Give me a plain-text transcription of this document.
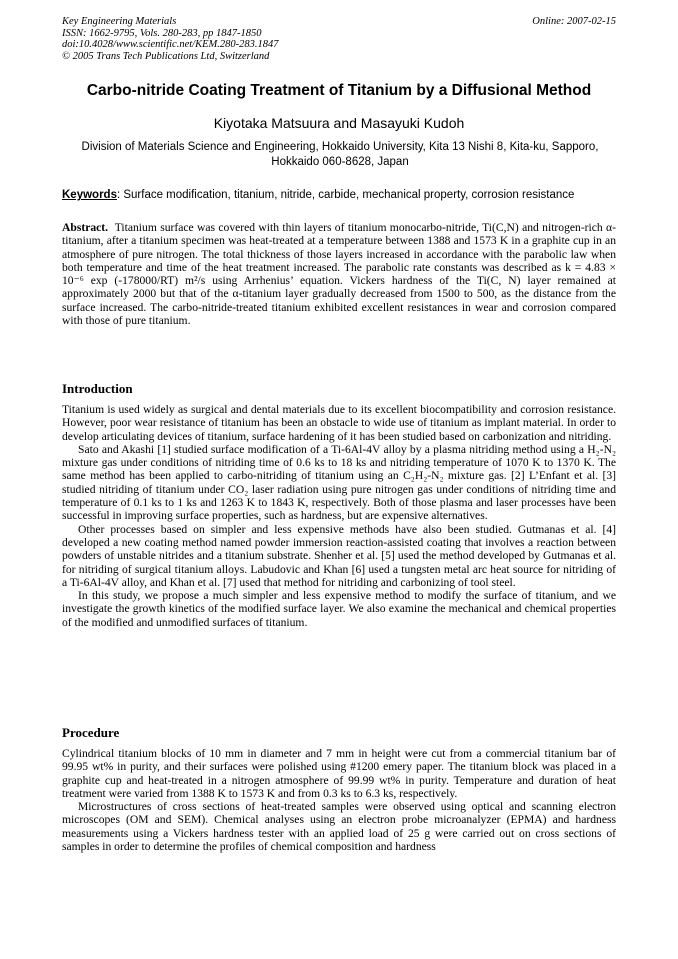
Key Engineering Materials
ISSN: 1662-9795, Vols. 280-283, pp 1847-1850
doi:10.4028/www.scientific.net/KEM.280-283.1847
© 2005 Trans Tech Publications Ltd, Switzerland
Online: 2007-02-15
Carbo-nitride Coating Treatment of Titanium by a Diffusional Method
Kiyotaka Matsuura and Masayuki Kudoh
Division of Materials Science and Engineering, Hokkaido University, Kita 13 Nishi 8, Kita-ku, Sapporo, Hokkaido 060-8628, Japan
Keywords: Surface modification, titanium, nitride, carbide, mechanical property, corrosion resistance

Abstract. Titanium surface was covered with thin layers of titanium monocarbo-nitride, Ti(C,N) and nitrogen-rich α-titanium, after a titanium specimen was heat-treated at a temperature between 1388 and 1573 K in a graphite cup in an atmosphere of pure nitrogen. The total thickness of those layers increased in accordance with the parabolic law when both temperature and time of the heat treatment increased. The parabolic rate constants was described as k = 4.83 × 10⁻⁶ exp (-178000/RT) m²/s using Arrhenius’ equation. Vickers hardness of the Ti(C, N) layer remained at approximately 2000 but that of the α-titanium layer gradually decreased from 1500 to 500, as the distance from the surface increased. The carbo-nitride-treated titanium exhibited excellent resistances in wear and corrosion compared with those of pure titanium.

Introduction

Titanium is used widely as surgical and dental materials due to its excellent biocompatibility and corrosion resistance. However, poor wear resistance of titanium has been an obstacle to wide use of titanium as implant material. In order to develop articulating devices of titanium, surface hardening of it has been studied based on carbonization and nitriding.

Sato and Akashi [1] studied surface modification of a Ti-6Al-4V alloy by a plasma nitriding method using a H₂-N₂ mixture gas under conditions of nitriding time of 0.6 ks to 18 ks and nitriding temperature of 1070 K to 1370 K. The same method has been applied to carbo-nitriding of titanium using an C₂H₂-N₂ mixture gas. [2] L’Enfant et al. [3] studied nitriding of titanium under CO₂ laser radiation using pure nitrogen gas under conditions of nitriding time and temperature of 0.1 ks to 1 ks and 1263 K to 1843 K, respectively. Both of those plasma and laser processes have been successful in improving surface properties, such as hardness, but are expensive alternatives.

Other processes based on simpler and less expensive methods have also been studied. Gutmanas et al. [4] developed a new coating method named powder immersion reaction-assisted coating that involves a reaction between powders of unstable nitrides and a titanium substrate. Shenher et al. [5] used the method developed by Gutmanas et al. for nitriding of surgical titanium alloys. Labudovic and Khan [6] used a tungsten metal arc heat source for nitriding of a Ti-6Al-4V alloy, and Khan et al. [7] used that method for nitriding and carbonizing of tool steel.

In this study, we propose a much simpler and less expensive method to modify the surface of titanium, and we investigate the growth kinetics of the modified surface layer. We also examine the mechanical and chemical properties of the modified and unmodified surfaces of titanium.

Procedure

Cylindrical titanium blocks of 10 mm in diameter and 7 mm in height were cut from a commercial titanium bar of 99.95 wt% in purity, and their surfaces were polished using #1200 emery paper. The titanium block was placed in a graphite cup and heat-treated in a nitrogen atmosphere of 99.99 wt% in purity. Temperature and duration of heat treatment were varied from 1388 K to 1573 K and from 0.3 ks to 6.3 ks, respectively.

Microstructures of cross sections of heat-treated samples were observed using optical and scanning electron microscopes (OM and SEM). Chemical analyses using an electron probe microanalyzer (EPMA) and hardness measurements using a Vickers hardness tester with an applied load of 25 g were carried out on cross sections of samples in order to determine the profiles of chemical composition and hardness
